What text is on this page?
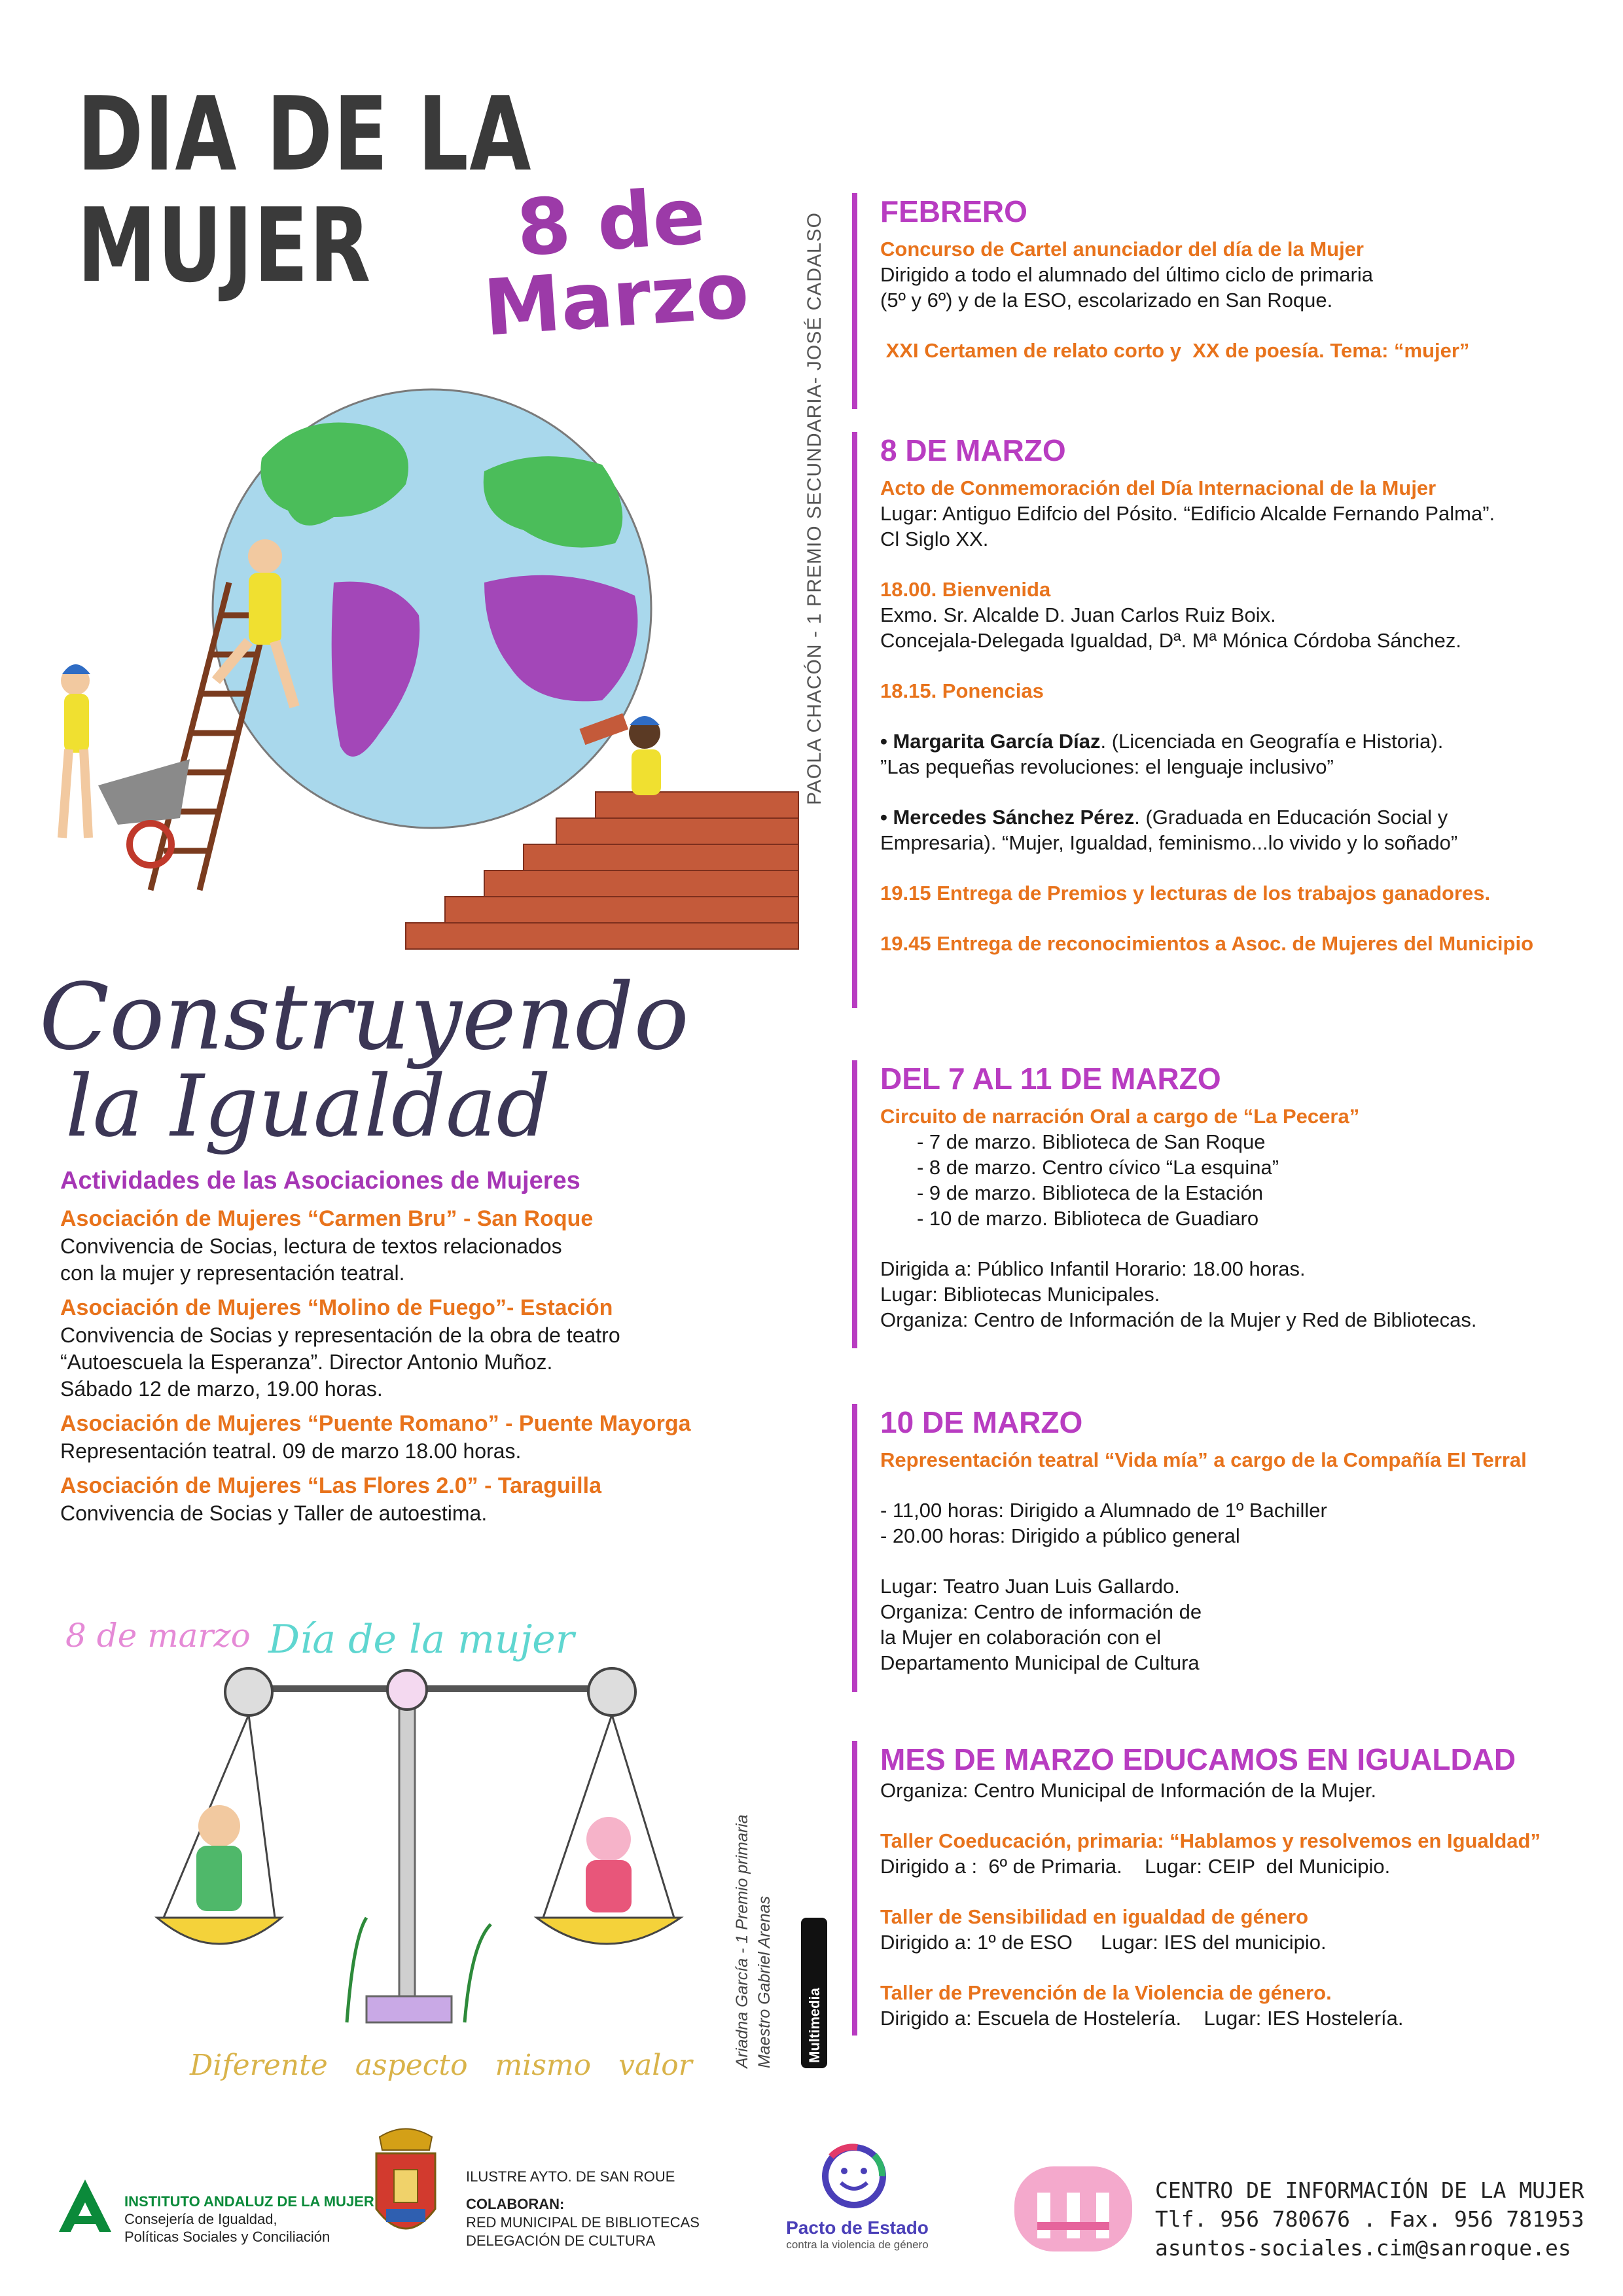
DIA DE LA
MUJER	8 de
Marzo	PAOLA CHACÓN - 1 PREMIO SECUNDARIA- JOSÉ CADALSO
Construyendo
la Igualdad
Actividades de las Asociaciones de Mujeres
Asociación de Mujeres “Carmen Bru” - San Roque
Convivencia de Socias, lectura de textos relacionados
con la mujer y representación teatral.
Asociación de Mujeres “Molino de Fuego”- Estación
Convivencia de Socias y representación de la obra de teatro
“Autoescuela la Esperanza”. Director Antonio Muñoz.
Sábado 12 de marzo, 19.00 horas.
Asociación de Mujeres “Puente Romano” - Puente Mayorga
Representación teatral. 09 de marzo 18.00 horas.
Asociación de Mujeres “Las Flores 2.0” - Taraguilla
Convivencia de Socias y Taller de autoestima.
8 de marzo Día de la mujer
Diferente   aspecto   mismo   valor Ariadna García - 1 Premio primaria Maestro Gabriel Arenas Multimedia
FEBRERO
Concurso de Cartel anunciador del día de la Mujer
Dirigido a todo el alumnado del último ciclo de primaria
(5º y 6º) y de la ESO, escolarizado en San Roque.
XXI Certamen de relato corto y  XX de poesía. Tema: “mujer”
8 DE MARZO
Acto de Conmemoración del Día Internacional de la Mujer
Lugar: Antiguo Edifcio del Pósito. “Edificio Alcalde Fernando Palma”.
Cl Siglo XX.
18.00. Bienvenida
Exmo. Sr. Alcalde D. Juan Carlos Ruiz Boix.
Concejala-Delegada Igualdad, Dª. Mª Mónica Córdoba Sánchez.
18.15. Ponencias
• Margarita García Díaz. (Licenciada en Geografía e Historia).
”Las pequeñas revoluciones: el lenguaje inclusivo”
• Mercedes Sánchez Pérez. (Graduada en Educación Social y
Empresaria). “Mujer, Igualdad, feminismo...lo vivido y lo soñado”
19.15 Entrega de Premios y lecturas de los trabajos ganadores.
19.45 Entrega de reconocimientos a Asoc. de Mujeres del Municipio
DEL 7 AL 11 DE MARZO
Circuito de narración Oral a cargo de “La Pecera”
- 7 de marzo. Biblioteca de San Roque
- 8 de marzo. Centro cívico “La esquina”
- 9 de marzo. Biblioteca de la Estación
- 10 de marzo. Biblioteca de Guadiaro
Dirigida a: Público Infantil Horario: 18.00 horas.
Lugar: Bibliotecas Municipales.
Organiza: Centro de Información de la Mujer y Red de Bibliotecas.
10 DE MARZO
Representación teatral “Vida mía” a cargo de la Compañía El Terral
- 11,00 horas: Dirigido a Alumnado de 1º Bachiller
- 20.00 horas: Dirigido a público general
Lugar: Teatro Juan Luis Gallardo.
Organiza: Centro de información de
la Mujer en colaboración con el
Departamento Municipal de Cultura
MES DE MARZO EDUCAMOS EN IGUALDAD
Organiza: Centro Municipal de Información de la Mujer.
Taller Coeducación, primaria: “Hablamos y resolvemos en Igualdad”
Dirigido a :  6º de Primaria.    Lugar: CEIP  del Municipio.
Taller de Sensibilidad en igualdad de género
Dirigido a: 1º de ESO     Lugar: IES del municipio.
Taller de Prevención de la Violencia de género.
Dirigido a: Escuela de Hostelería.    Lugar: IES Hostelería.
INSTITUTO ANDALUZ DE LA MUJER
Consejería de Igualdad,
Políticas Sociales y Conciliación
ILUSTRE AYTO. DE SAN ROUE
COLABORAN:
RED MUNICIPAL DE BIBLIOTECAS
DELEGACIÓN DE CULTURA
Pacto de Estado
contra la violencia de género
CENTRO DE INFORMACIÓN DE LA MUJER
Tlf. 956 780676 . Fax. 956 781953
asuntos-sociales.cim@sanroque.es
